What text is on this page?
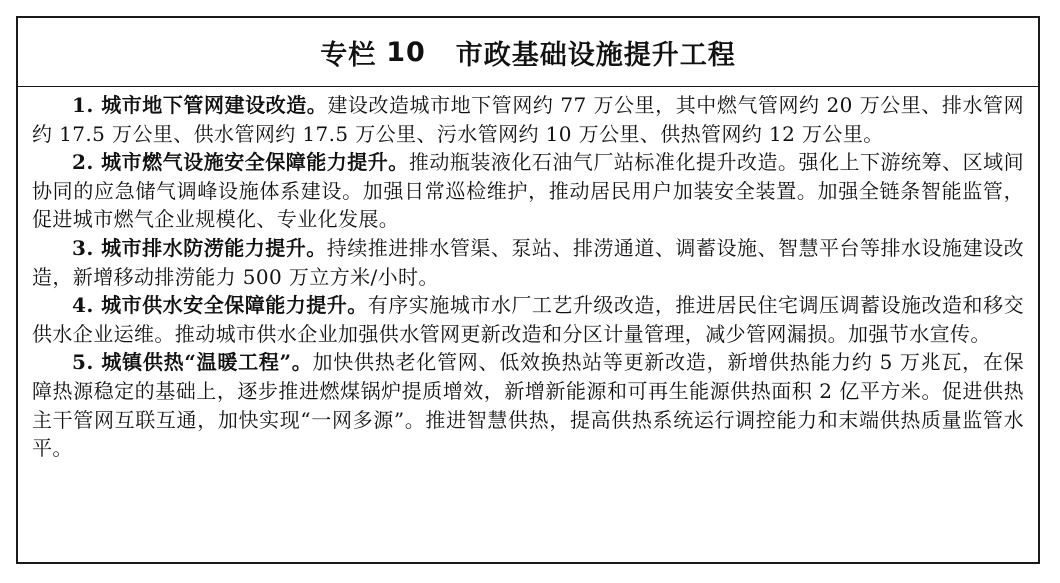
专栏 10 市政基础设施提升工程

1. 城市地下管网建设改造。建设改造城市地下管网约 77 万公里，其中燃气管网约 20 万公里、排水管网约 17.5 万公里、供水管网约 17.5 万公里、污水管网约 10 万公里、供热管网约 12 万公里。

2. 城市燃气设施安全保障能力提升。推动瓶装液化石油气厂站标准化提升改造。强化上下游统筹、区域间协同的应急储气调峰设施体系建设。加强日常巡检维护，推动居民用户加装安全装置。加强全链条智能监管，促进城市燃气企业规模化、专业化发展。

3. 城市排水防涝能力提升。持续推进排水管渠、泵站、排涝通道、调蓄设施、智慧平台等排水设施建设改造，新增移动排涝能力 500 万立方米/小时。

4. 城市供水安全保障能力提升。有序实施城市水厂工艺升级改造，推进居民住宅调压调蓄设施改造和移交供水企业运维。推动城市供水企业加强供水管网更新改造和分区计量管理，减少管网漏损。加强节水宣传。

5. 城镇供热“温暖工程”。加快供热老化管网、低效换热站等更新改造，新增供热能力约 5 万兆瓦，在保障热源稳定的基础上，逐步推进燃煤锅炉提质增效，新增新能源和可再生能源供热面积 2 亿平方米。促进供热主干管网互联互通，加快实现“一网多源”。推进智慧供热，提高供热系统运行调控能力和末端供热质量监管水平。
